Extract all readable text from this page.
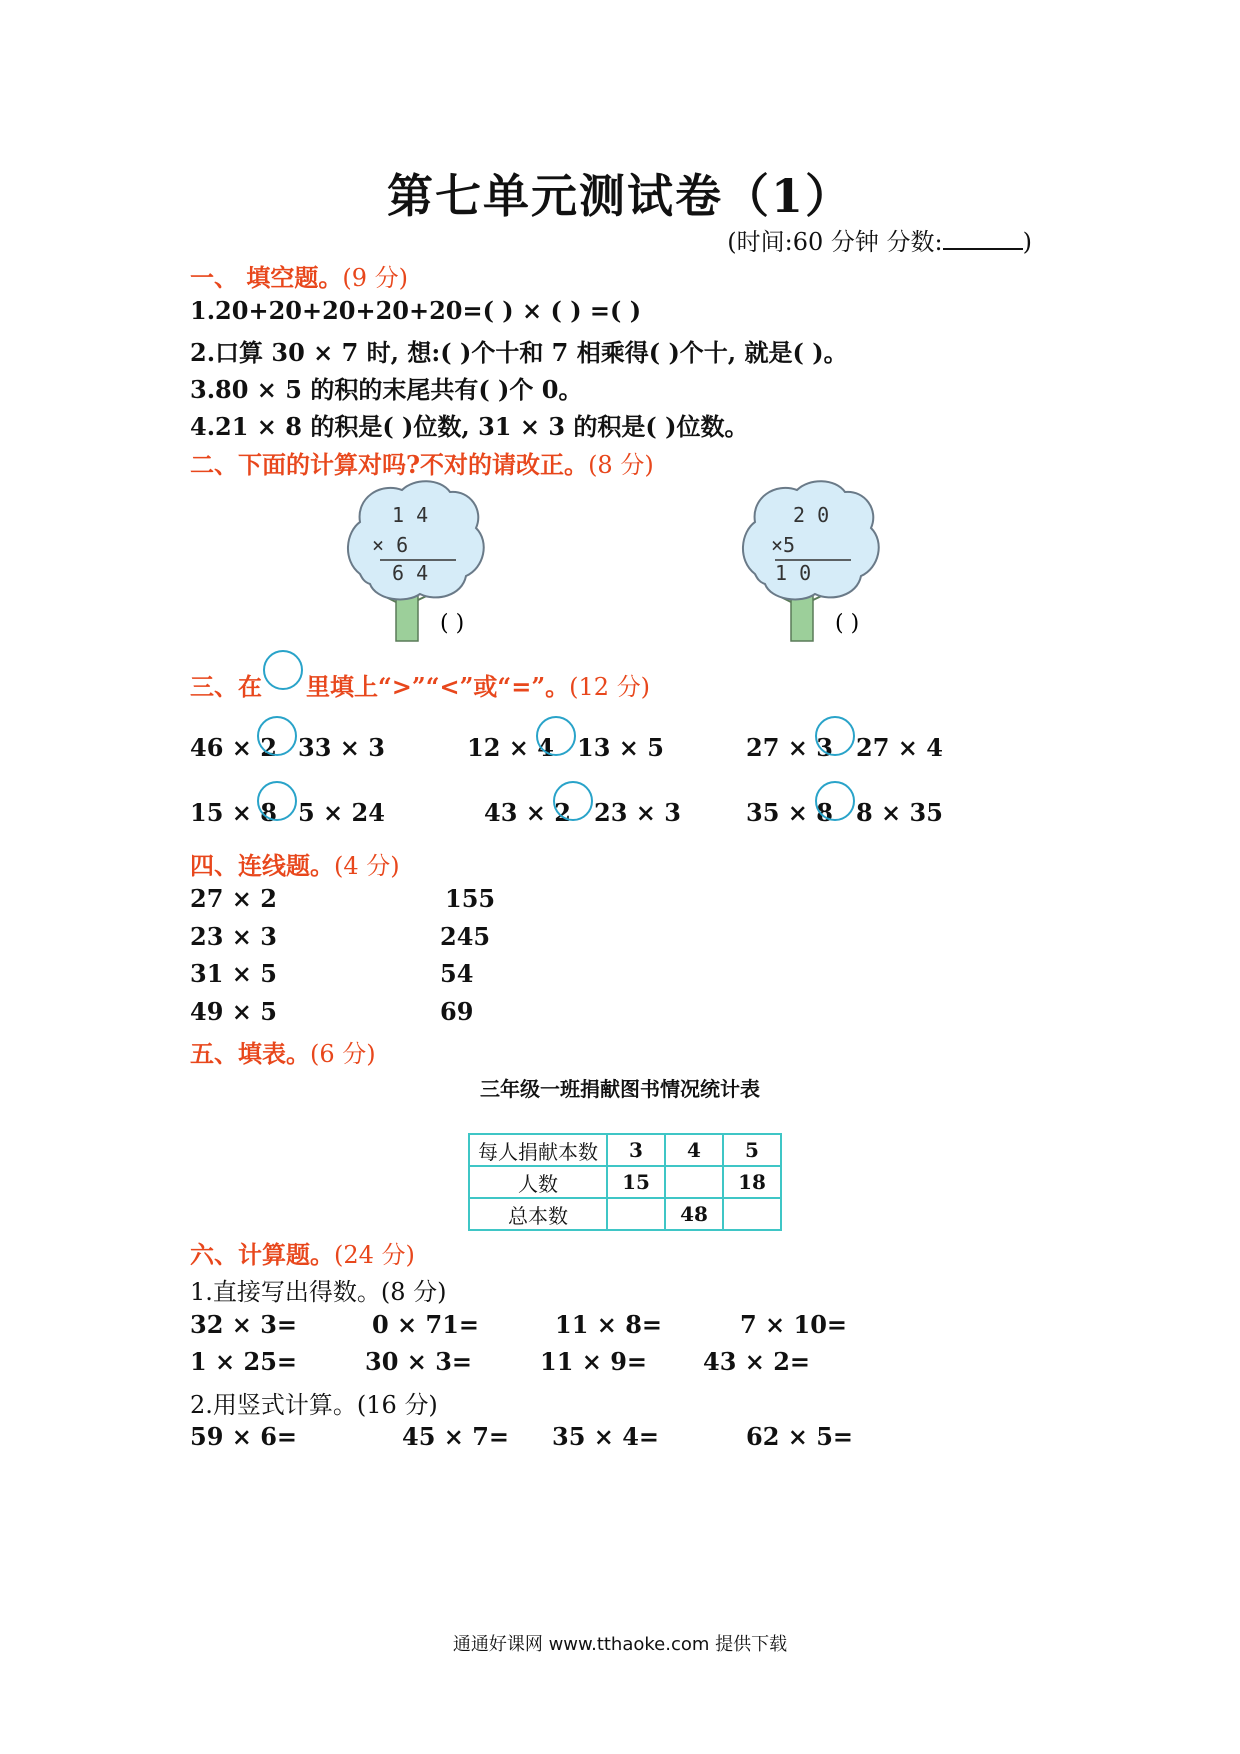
第七单元测试卷（1）
(时间:60 分钟 分数:	)
一、 填空题。(9 分)
1.20+20+20+20+20=( ) × ( ) =( )
2.口算 30 × 7 时, 想:( )个十和 7 相乘得( )个十, 就是( )。
3.80 × 5 的积的末尾共有( )个 0。
4.21 × 8 的积是( )位数, 31 × 3 的积是( )位数。
二、下面的计算对吗?不对的请改正。(8 分)
1 4
× 6
6 4
( )
2 0
×5
1 0
( )
三、在 里填上“>”“<”或“=”。(12 分)
46 × 2 33 × 3	12 × 4 13 × 5	27 × 3 27 × 4
15 × 8 5 × 24	43 × 2 23 × 3	35 × 8 8 × 35
四、连线题。(4 分)
27 × 2
23 × 3
31 × 5
49 × 5
155
245
54
69
五、填表。(6 分)
三年级一班捐献图书情况统计表
每人捐献本数	3	4	5
人数	15		18
总本数		48	
六、计算题。(24 分)
1.直接写出得数。(8 分)
32 × 3=	0 × 71=	11 × 8=	7 × 10=
1 × 25=	30 × 3=	11 × 9= 43 × 2=
2.用竖式计算。(16 分)
59 × 6=	45 × 7= 35 × 4=	62 × 5=
通通好课网 www.tthaoke.com 提供下载
